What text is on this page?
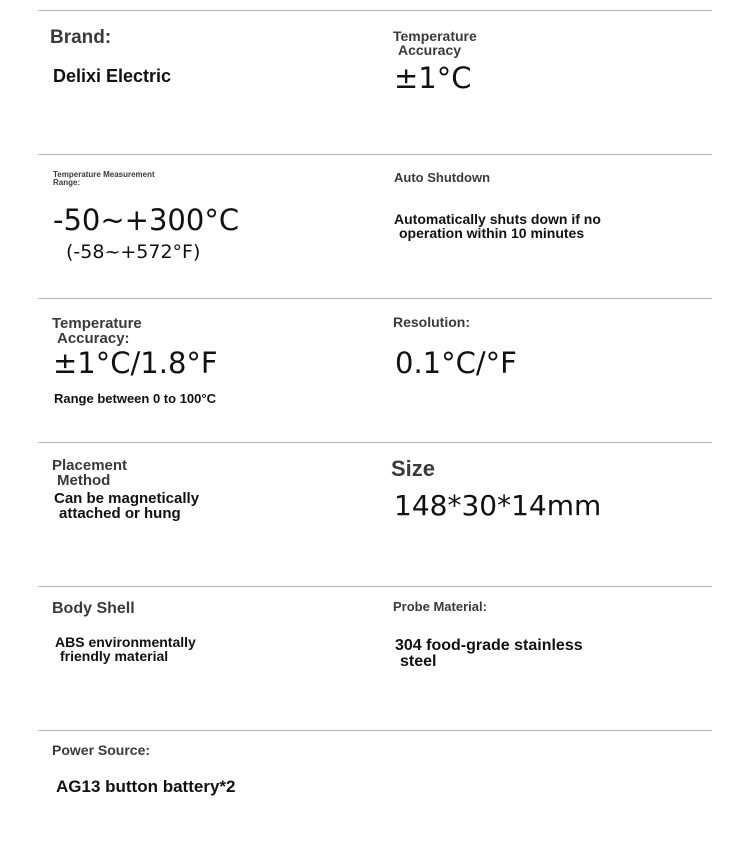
Brand:
Delixi Electric
Temperature
Accuracy
±1°C
Temperature Measurement
Range:
-50~+300°C
(-58~+572°F)
Auto Shutdown
Automatically shuts down if no
operation within 10 minutes
Temperature
Accuracy:
±1°C/1.8°F
Range between 0 to 100°C
Resolution:
0.1°C/°F
Placement
Method
Can be magnetically
attached or hung
Size
148*30*14mm
Body Shell
ABS environmentally
friendly material
Probe Material:
304 food-grade stainless
steel
Power Source:
AG13 button battery*2
